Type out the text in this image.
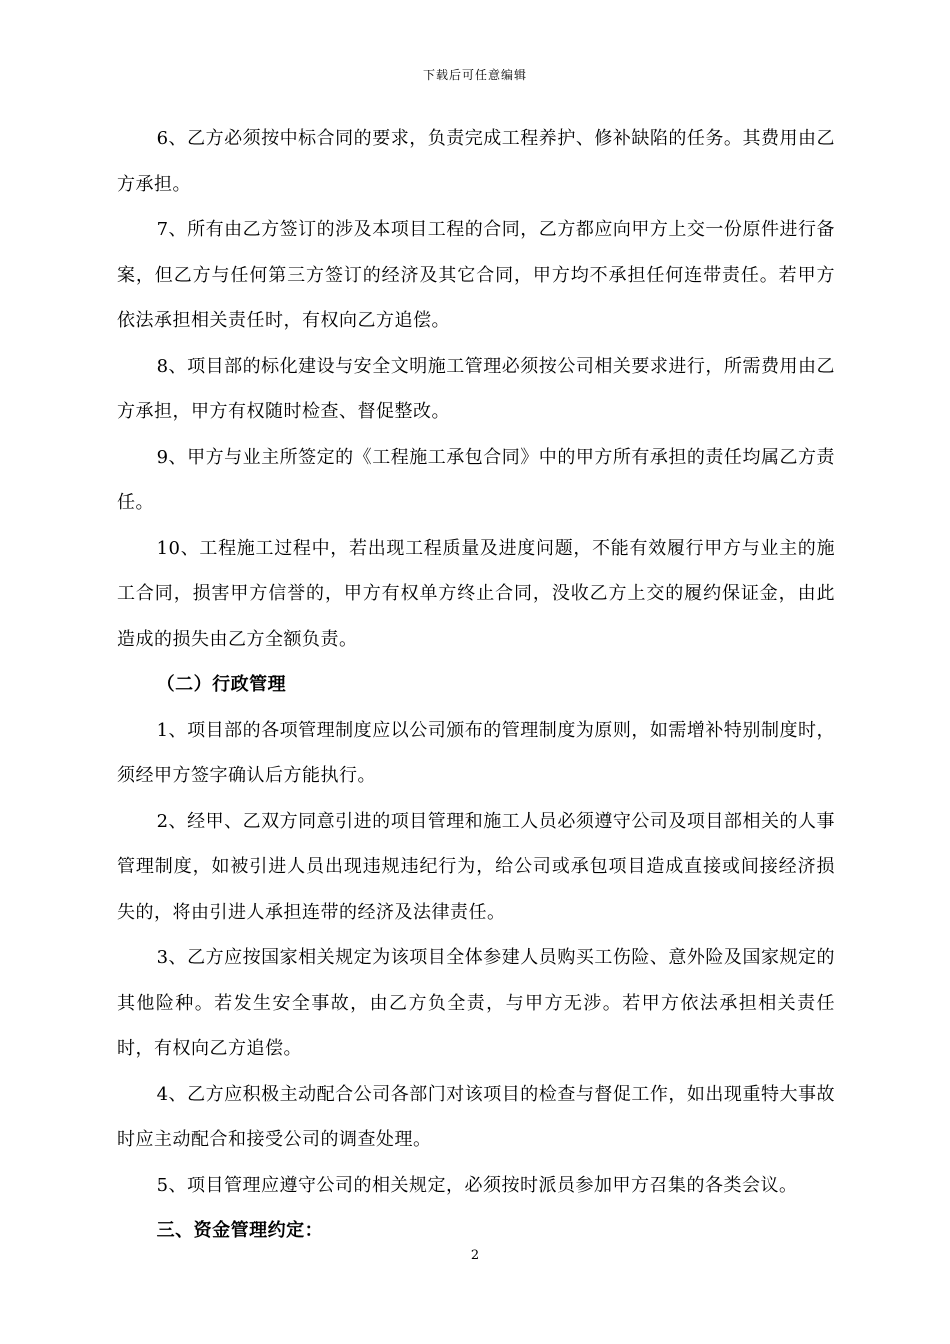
下载后可任意编辑

6、乙方必须按中标合同的要求，负责完成工程养护、修补缺陷的任务。其费用由乙方承担。

7、所有由乙方签订的涉及本项目工程的合同，乙方都应向甲方上交一份原件进行备案，但乙方与任何第三方签订的经济及其它合同，甲方均不承担任何连带责任。若甲方依法承担相关责任时，有权向乙方追偿。

8、项目部的标化建设与安全文明施工管理必须按公司相关要求进行，所需费用由乙方承担，甲方有权随时检查、督促整改。

9、甲方与业主所签定的《工程施工承包合同》中的甲方所有承担的责任均属乙方责任。

10、工程施工过程中，若出现工程质量及进度问题，不能有效履行甲方与业主的施工合同，损害甲方信誉的，甲方有权单方终止合同，没收乙方上交的履约保证金，由此造成的损失由乙方全额负责。

（二）行政管理

1、项目部的各项管理制度应以公司颁布的管理制度为原则，如需增补特别制度时，须经甲方签字确认后方能执行。

2、经甲、乙双方同意引进的项目管理和施工人员必须遵守公司及项目部相关的人事管理制度，如被引进人员出现违规违纪行为，给公司或承包项目造成直接或间接经济损失的，将由引进人承担连带的经济及法律责任。

3、乙方应按国家相关规定为该项目全体参建人员购买工伤险、意外险及国家规定的其他险种。若发生安全事故，由乙方负全责，与甲方无涉。若甲方依法承担相关责任时，有权向乙方追偿。

4、乙方应积极主动配合公司各部门对该项目的检查与督促工作，如出现重特大事故时应主动配合和接受公司的调查处理。

5、项目管理应遵守公司的相关规定，必须按时派员参加甲方召集的各类会议。

三、资金管理约定：

2
